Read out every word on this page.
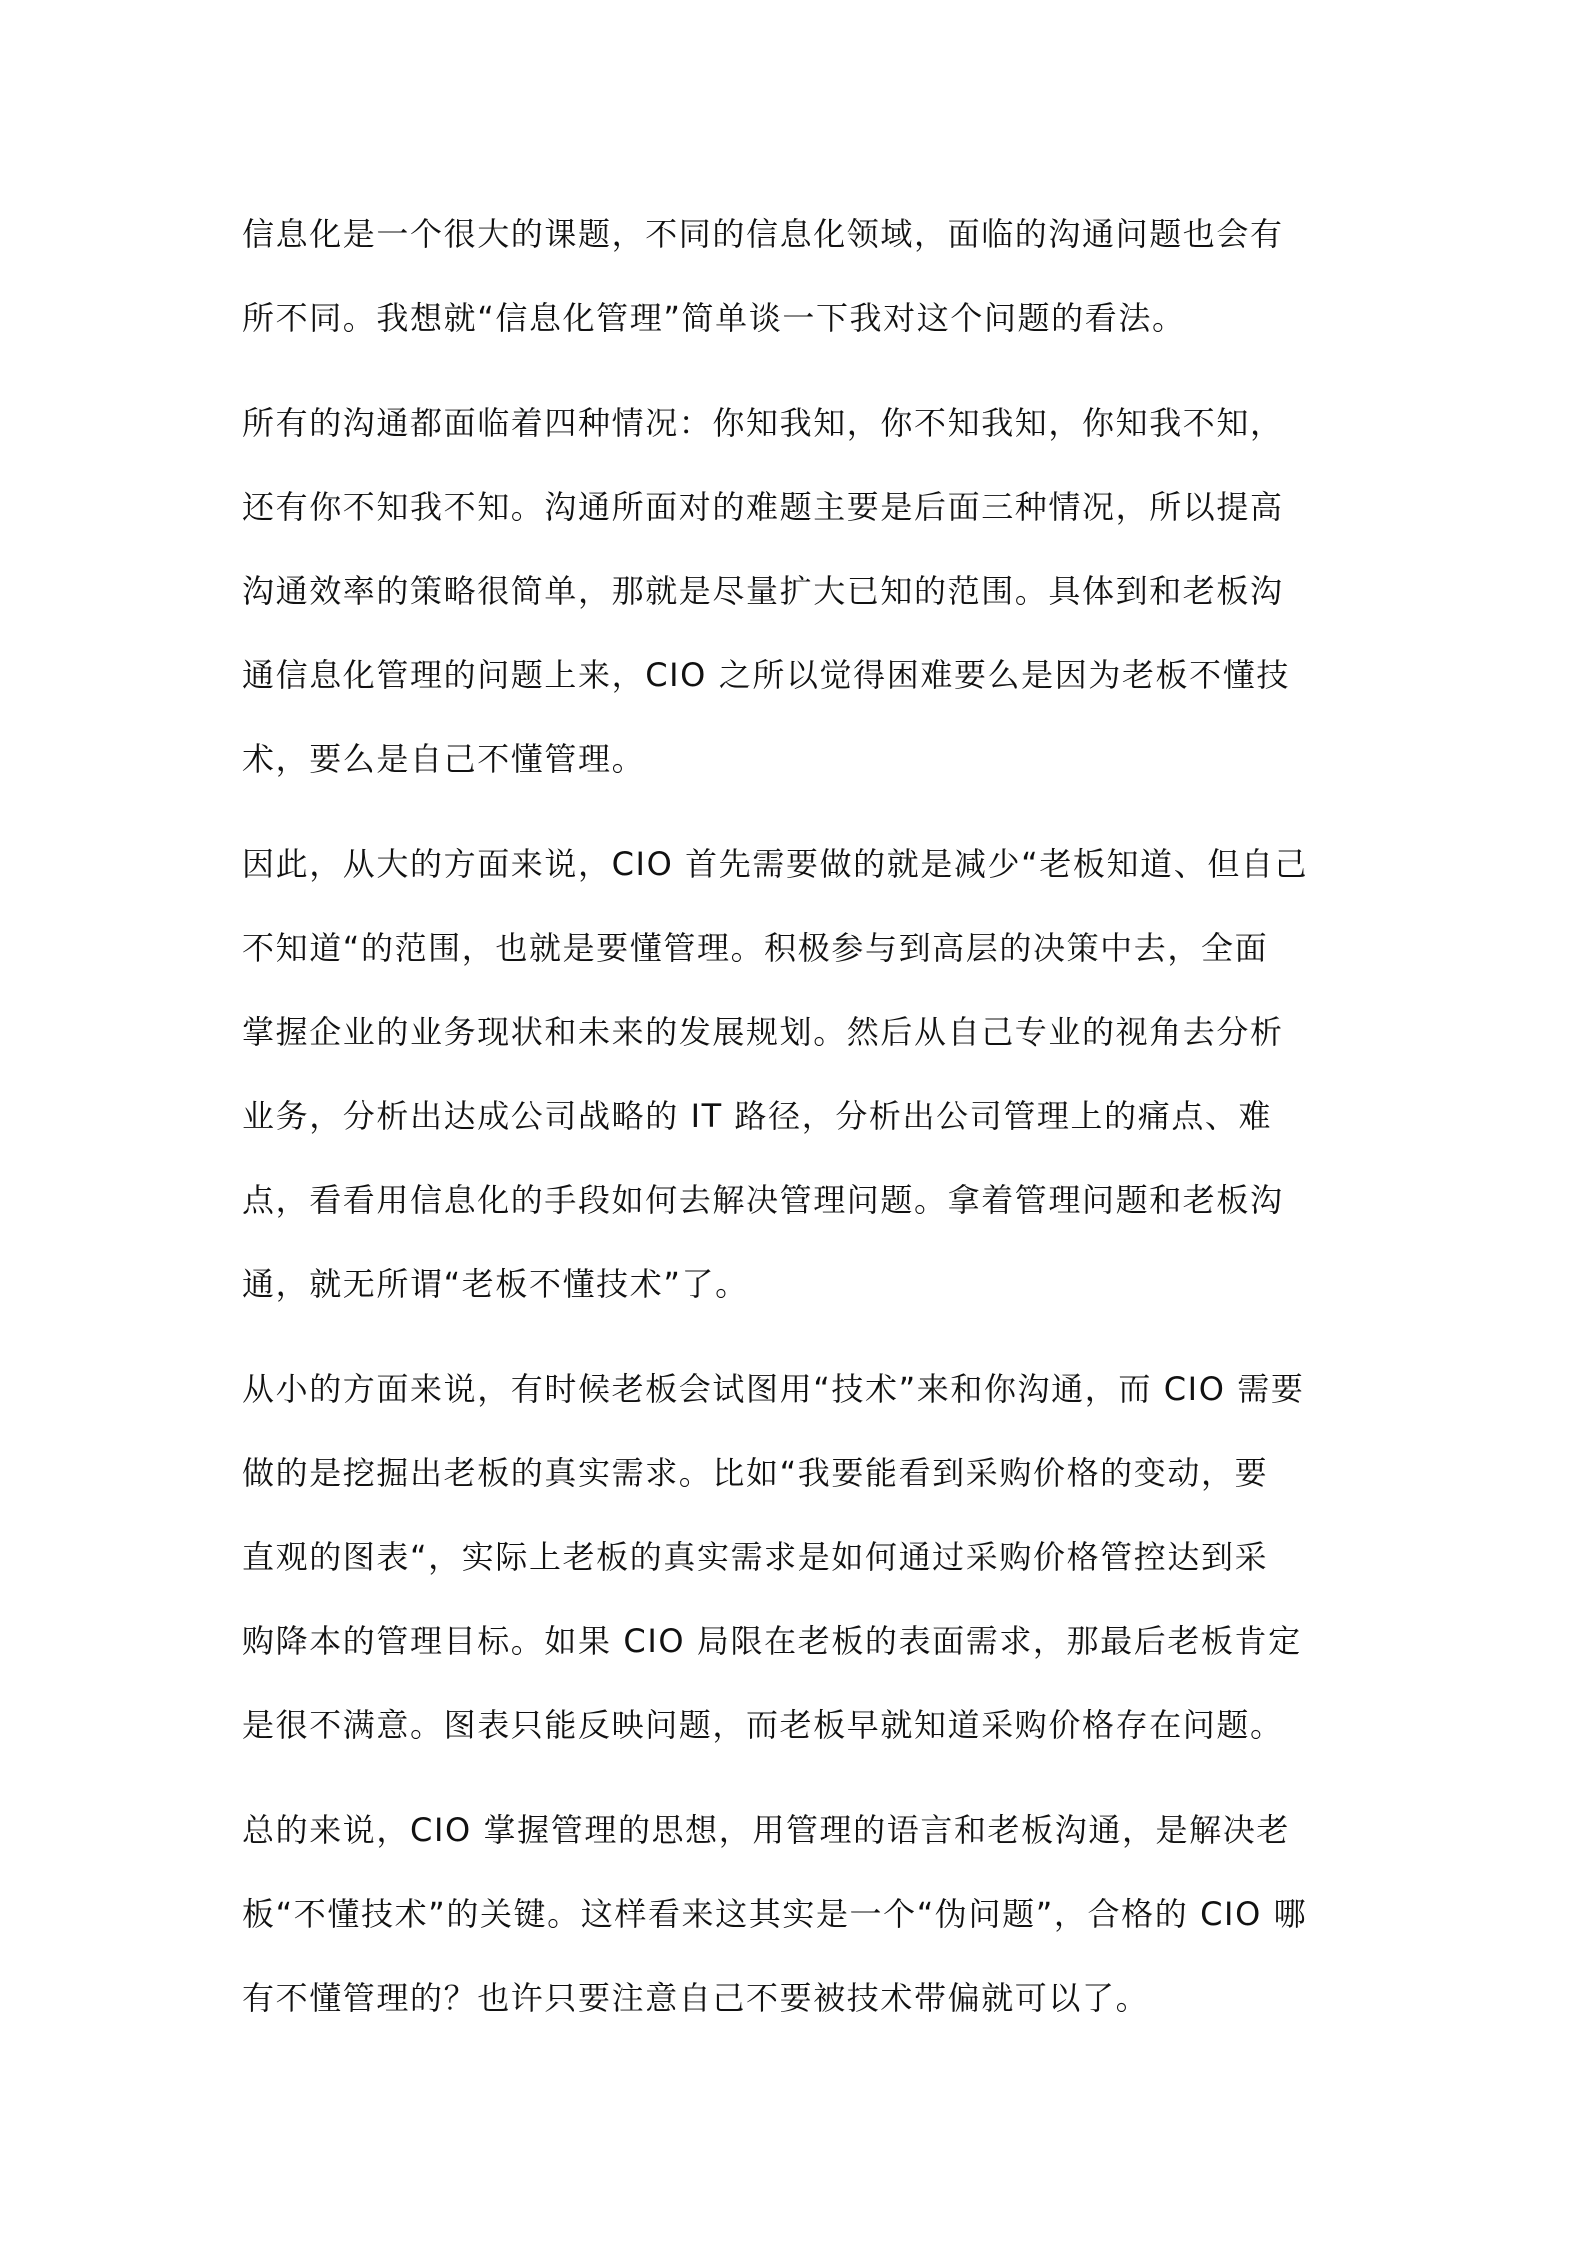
信息化是一个很大的课题，不同的信息化领域，面临的沟通问题也会有
所不同。我想就“信息化管理”简单谈一下我对这个问题的看法。
所有的沟通都面临着四种情况：你知我知，你不知我知，你知我不知，
还有你不知我不知。沟通所面对的难题主要是后面三种情况，所以提高
沟通效率的策略很简单，那就是尽量扩大已知的范围。具体到和老板沟
通信息化管理的问题上来，CIO 之所以觉得困难要么是因为老板不懂技
术，要么是自己不懂管理。
因此，从大的方面来说，CIO 首先需要做的就是减少“老板知道、但自己
不知道“的范围，也就是要懂管理。积极参与到高层的决策中去，全面
掌握企业的业务现状和未来的发展规划。然后从自己专业的视角去分析
业务，分析出达成公司战略的 IT 路径，分析出公司管理上的痛点、难
点，看看用信息化的手段如何去解决管理问题。拿着管理问题和老板沟
通，就无所谓“老板不懂技术”了。
从小的方面来说，有时候老板会试图用“技术”来和你沟通，而 CIO 需要
做的是挖掘出老板的真实需求。比如“我要能看到采购价格的变动，要
直观的图表“，实际上老板的真实需求是如何通过采购价格管控达到采
购降本的管理目标。如果 CIO 局限在老板的表面需求，那最后老板肯定
是很不满意。图表只能反映问题，而老板早就知道采购价格存在问题。
总的来说，CIO 掌握管理的思想，用管理的语言和老板沟通，是解决老
板“不懂技术”的关键。这样看来这其实是一个“伪问题”，合格的 CIO 哪
有不懂管理的？也许只要注意自己不要被技术带偏就可以了。
